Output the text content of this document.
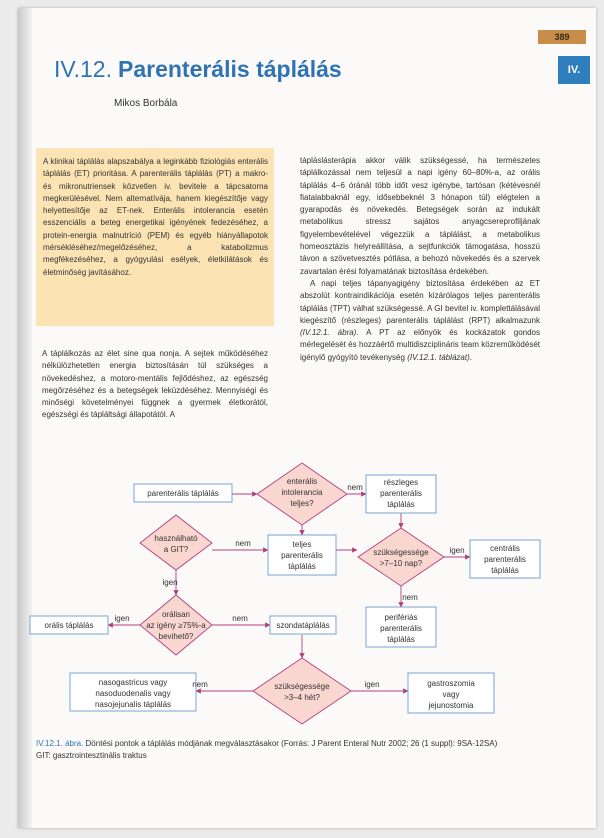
389
IV.
IV.12. Parenterális táplálás
Mikos Borbála
A klinikai táplálás alapszabálya a leginkább fiziológiás enterális táplálás (ET) prioritása. A parenterális táplálás (PT) a makro- és mikronutriensek közvetlen iv. bevitele a tápcsatorna megkerülésével. Nem alternatívája, hanem kiegészítője vagy helyettesítője az ET-nek. Enterális intolerancia esetén esszenciális a beteg energetikai igényének fedezéséhez, a protein-energia malnutríció (PEM) és egyéb hiányállapotok mérsékléséhez/megelőzéséhez, a katabolizmus megfékezéséhez, a gyógyulási esélyek, életkilátások és életminőség javításához.

A táplálkozás az élet sine qua nonja. A sejtek működéséhez nélkülözhetetlen energia biztosításán túl szükséges a növekedéshez, a motoro-mentális fejlődéshez, az egészség megőrzéséhez és a betegségek leküzdéséhez. Mennyiségi és minőségi követelményei függnek a gyermek életkorától, egészségi és tápláltsági állapotától. A

tápláslásterápia akkor válik szükségessé, ha természetes táplálkozással nem teljesül a napi igény 60–80%-a, az orális táplálás 4–6 óránál több időt vesz igénybe, tartósan (kétévesnél fiatalabbaknál egy, idősebbeknél 3 hónapon túl) elégtelen a gyarapodás és növekedés. Betegségek során az indukált metabolikus stressz sajátos anyagcsereprofiljának figyelembevételével végezzük a táplálást, a metabolikus homeosztázis helyreállítása, a sejtfunkciók támogatása, hosszú távon a szövetvesztés pótlása, a behozó növekedés és a szervek zavartalan érési folyamatának biztosítása érdekében.

A napi teljes tápanyagigény biztosítása érdekében az ET abszolút kontraindikációja esetén kizárólagos teljes parenterális táplálás (TPT) válhat szükségessé. A GI bevitel iv. komplettálásával kiegészítő (részleges) parenterális táplálást (RPT) alkalmazunk (IV.12.1. ábra). A PT az előnyök és kockázatok gondos mérlegelését és hozzáértő multidiszciplináris team közreműködését igénylő gyógyító tevékenység (IV.12.1. táblázat).

parenterális táplálás
enterális
intolerancia
teljes?
részleges
parenterális
táplálás
használható
a GIT?
teljes
parenterális
táplálás
szükségessége
>7–10 nap?
centrális
parenterális
táplálás
orálisan
az igény ≥75%-a
bevihető?
orális táplálás	szondatáplálás
perifériás
parenterális
táplálás
nasogastricus vagy
nasoduodenalis vagy
nasojejunalis táplálás
szükségessége
>3–4 hét?
gastroszomia
vagy
jejunostomia
nem
nem
igen
nem
igen
igen	nem
nem	igen
IV.12.1. ábra. Döntési pontok a táplálás módjának megválasztásakor (Forrás: J Parent Enteral Nutr 2002; 26 (1 suppl): 9SA-12SA)
GIT: gasztrointesztinális traktus
